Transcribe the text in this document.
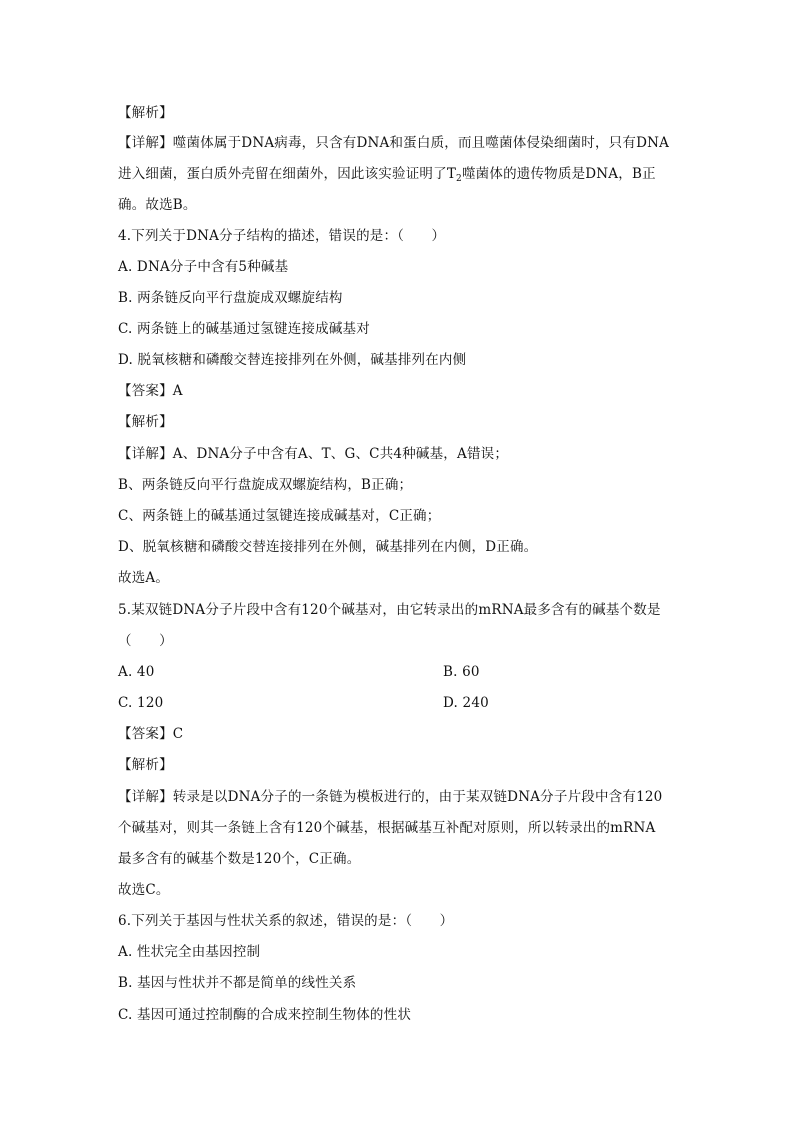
【解析】
【详解】噬菌体属于DNA病毒，只含有DNA和蛋白质，而且噬菌体侵染细菌时，只有DNA
进入细菌，蛋白质外壳留在细菌外，因此该实验证明了$T_2$噬菌体的遗传物质是DNA，B正
确。故选B。
4.下列关于DNA分子结构的描述，错误的是：（　　）
A. DNA分子中含有5种碱基
B. 两条链反向平行盘旋成双螺旋结构
C. 两条链上的碱基通过氢键连接成碱基对
D. 脱氧核糖和磷酸交替连接排列在外侧，碱基排列在内侧
【答案】A
【解析】
【详解】A、DNA分子中含有A、T、G、C共4种碱基，A错误；
B、两条链反向平行盘旋成双螺旋结构，B正确；
C、两条链上的碱基通过氢键连接成碱基对，C正确；
D、脱氧核糖和磷酸交替连接排列在外侧，碱基排列在内侧，D正确。
故选A。
5.某双链DNA分子片段中含有120个碱基对，由它转录出的mRNA最多含有的碱基个数是
（　　）
A. 40	B. 60
C. 120	D. 240
【答案】C
【解析】
【详解】转录是以DNA分子的一条链为模板进行的，由于某双链DNA分子片段中含有120
个碱基对，则其一条链上含有120个碱基，根据碱基互补配对原则，所以转录出的mRNA
最多含有的碱基个数是120个，C正确。
故选C。
6.下列关于基因与性状关系的叙述，错误的是：（　　）
A. 性状完全由基因控制
B. 基因与性状并不都是简单的线性关系
C. 基因可通过控制酶的合成来控制生物体的性状
